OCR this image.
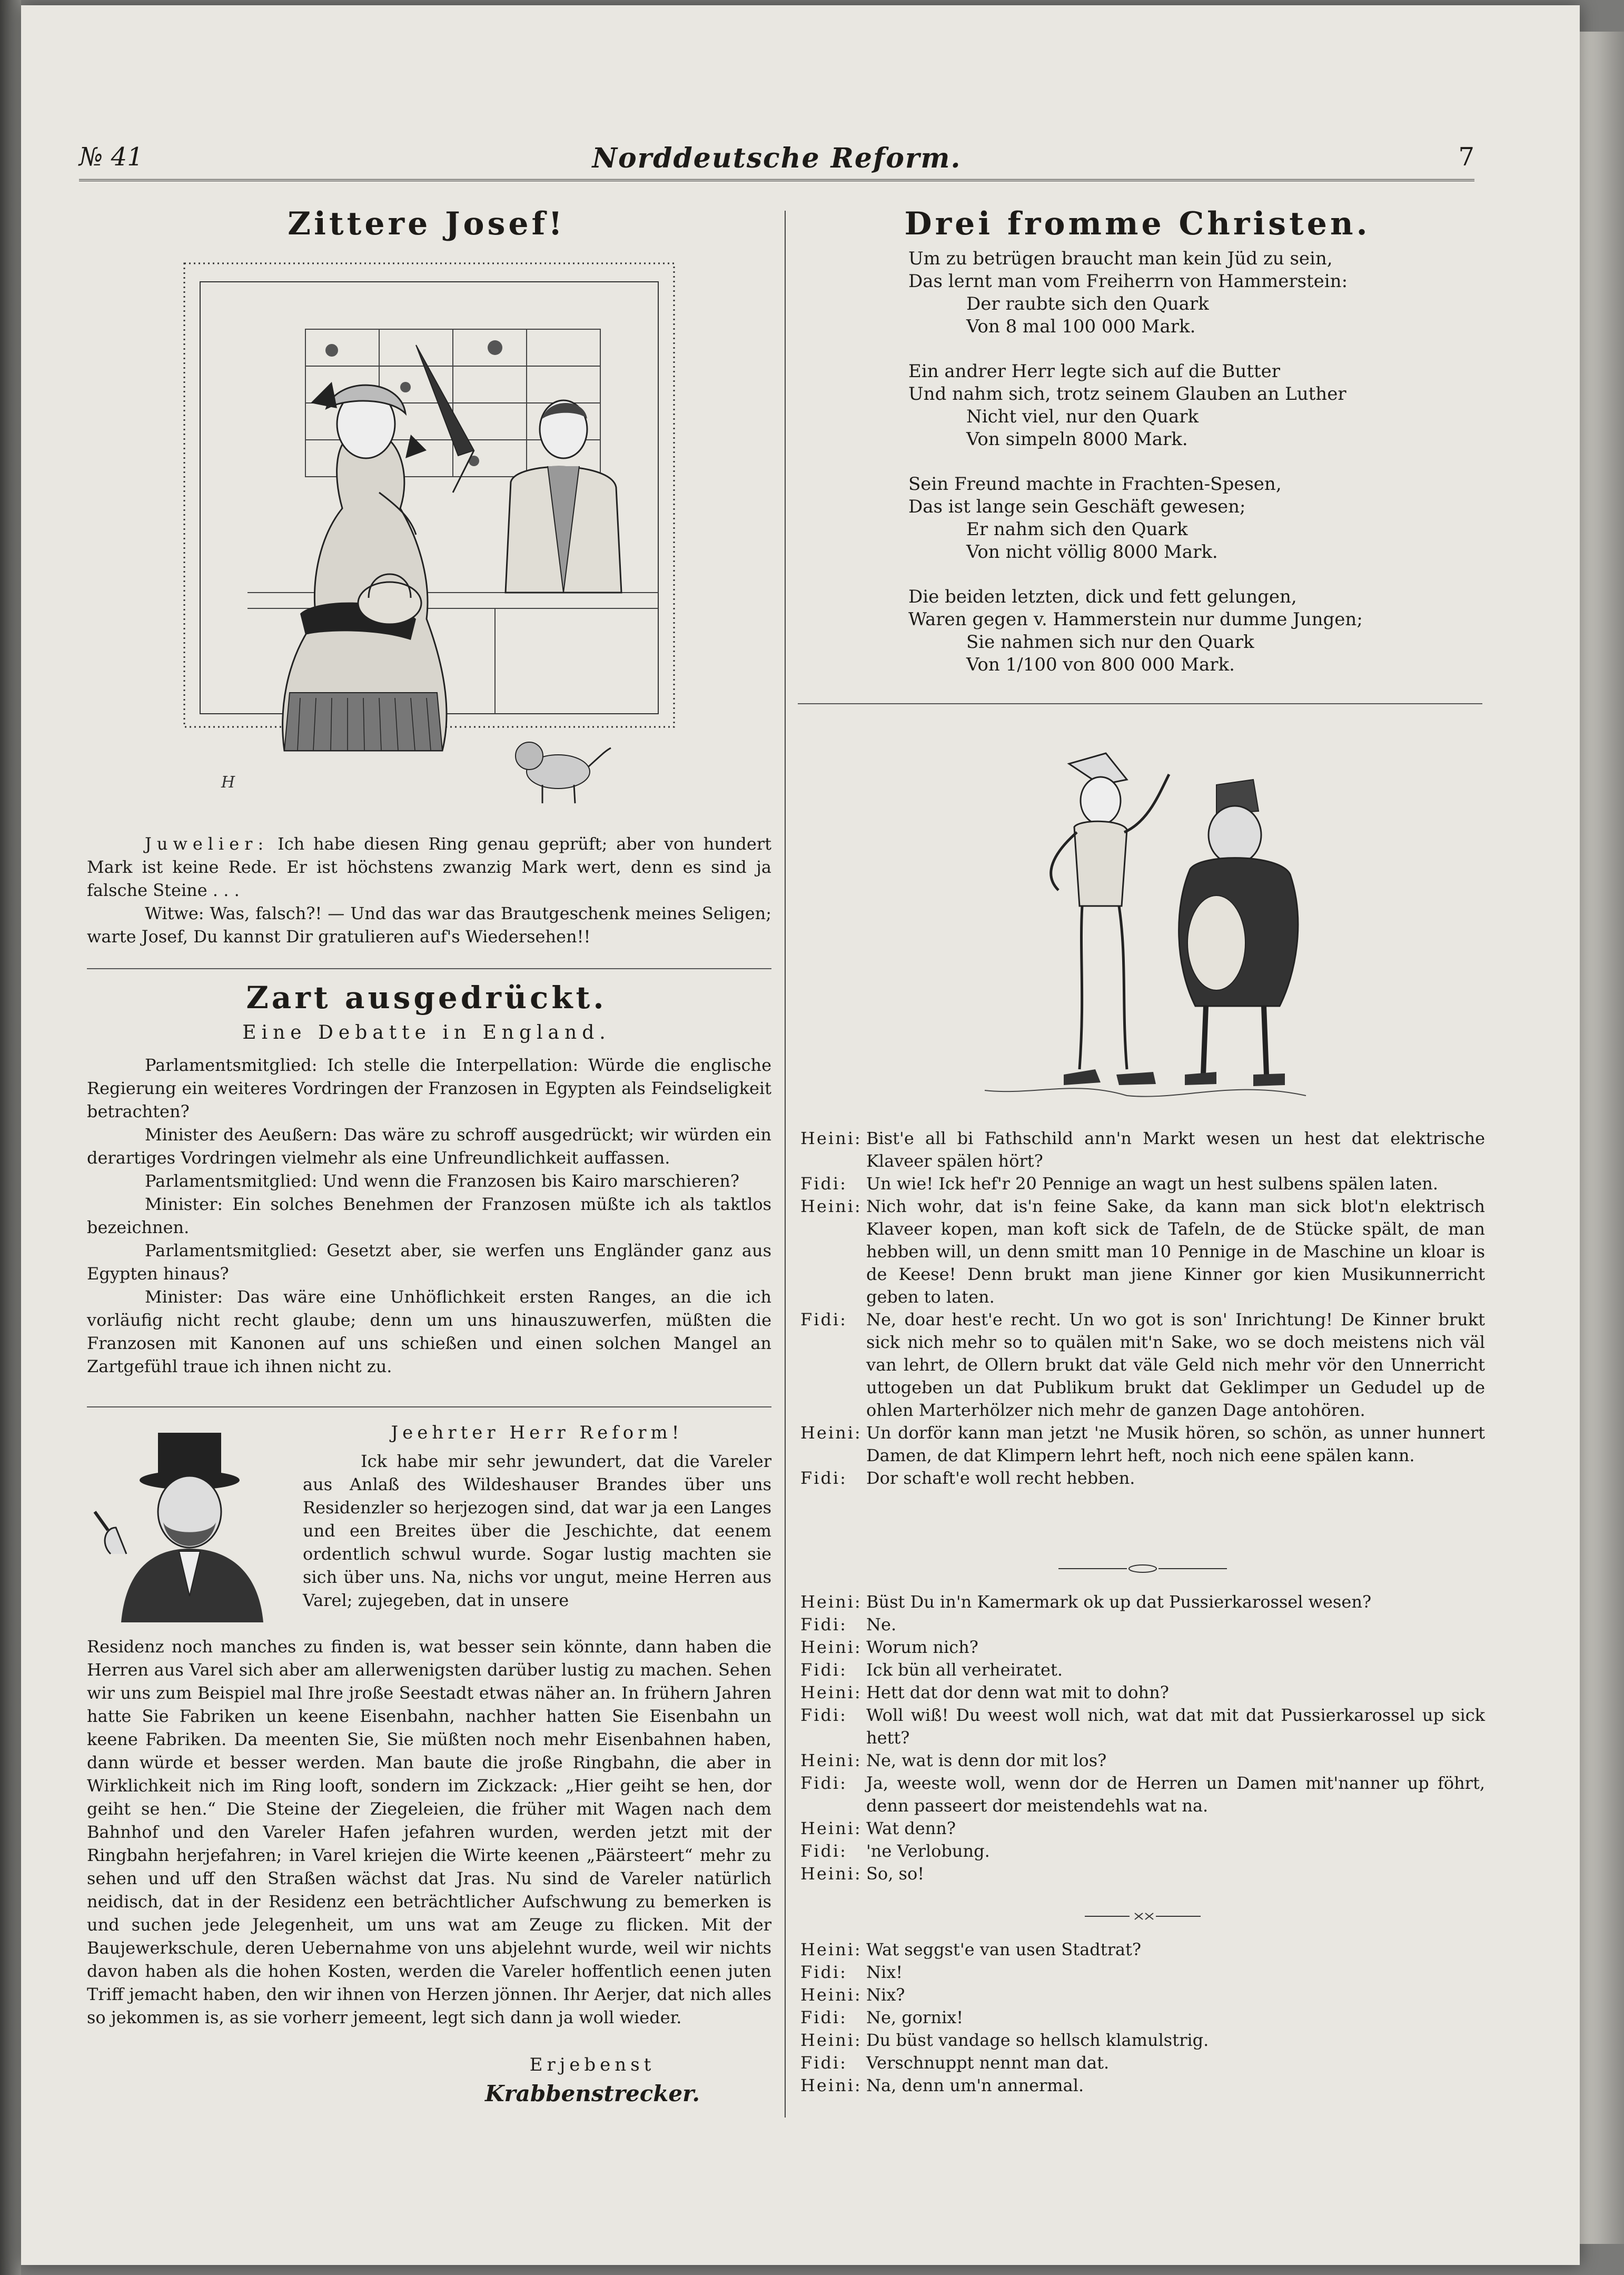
№ 41	Norddeutsche Reform.	7
Zittere Josef!
H

Juwelier: Ich habe diesen Ring genau geprüft; aber von hundert Mark ist keine Rede. Er ist höchstens zwanzig Mark wert, denn es sind ja falsche Steine . . .

Witwe: Was, falsch?! — Und das war das Brautgeschenk meines Seligen; warte Josef, Du kannst Dir gratulieren auf's Wiedersehen!!

Zart ausgedrückt.
Eine Debatte in England.

Parlamentsmitglied: Ich stelle die Interpellation: Würde die englische Regierung ein weiteres Vordringen der Franzosen in Egypten als Feindseligkeit betrachten?

Minister des Aeußern: Das wäre zu schroff ausgedrückt; wir würden ein derartiges Vordringen vielmehr als eine Unfreundlichkeit auffassen.

Parlamentsmitglied: Und wenn die Franzosen bis Kairo marschieren?

Minister: Ein solches Benehmen der Franzosen müßte ich als taktlos bezeichnen.

Parlamentsmitglied: Gesetzt aber, sie werfen uns Engländer ganz aus Egypten hinaus?

Minister: Das wäre eine Unhöflichkeit ersten Ranges, an die ich vorläufig nicht recht glaube; denn um uns hinauszuwerfen, müßten die Franzosen mit Kanonen auf uns schießen und einen solchen Mangel an Zartgefühl traue ich ihnen nicht zu.

Jeehrter Herr Reform!

Ick habe mir sehr jewundert, dat die Vareler aus Anlaß des Wildeshauser Brandes über uns Residenzler so herjezogen sind, dat war ja een Langes und een Breites über die Jeschichte, dat eenem ordentlich schwul wurde. Sogar lustig machten sie sich über uns. Na, nichs vor ungut, meine Herren aus Varel; zujegeben, dat in unsere

Residenz noch manches zu finden is, wat besser sein könnte, dann haben die Herren aus Varel sich aber am allerwenigsten darüber lustig zu machen. Sehen wir uns zum Beispiel mal Ihre jroße Seestadt etwas näher an. In frühern Jahren hatte Sie Fabriken un keene Eisenbahn, nachher hatten Sie Eisenbahn un keene Fabriken. Da meenten Sie, Sie müßten noch mehr Eisenbahnen haben, dann würde et besser werden. Man baute die jroße Ringbahn, die aber in Wirklichkeit nich im Ring looft, sondern im Zickzack: „Hier geiht se hen, dor geiht se hen.“ Die Steine der Ziegeleien, die früher mit Wagen nach dem Bahnhof und den Vareler Hafen jefahren wurden, werden jetzt mit der Ringbahn herjefahren; in Varel kriejen die Wirte keenen „Päärsteert“ mehr zu sehen und uff den Straßen wächst dat Jras. Nu sind de Vareler natürlich neidisch, dat in der Residenz een beträchtlicher Aufschwung zu bemerken is und suchen jede Jelegenheit, um uns wat am Zeuge zu flicken. Mit der Baujewerkschule, deren Uebernahme von uns abjelehnt wurde, weil wir nichts davon haben als die hohen Kosten, werden die Vareler hoffentlich eenen juten Triff jemacht haben, den wir ihnen von Herzen jönnen. Ihr Aerjer, dat nich alles so jekommen is, as sie vorherr jemeent, legt sich dann ja woll wieder.

Erjebenst
Krabbenstrecker.
Drei fromme Christen.
Um zu betrügen braucht man kein Jüd zu sein,
Das lernt man vom Freiherrn von Hammerstein:
Der raubte sich den Quark
Von 8 mal 100 000 Mark.
Ein andrer Herr legte sich auf die Butter
Und nahm sich, trotz seinem Glauben an Luther
Nicht viel, nur den Quark
Von simpeln 8000 Mark.
Sein Freund machte in Frachten-Spesen,
Das ist lange sein Geschäft gewesen;
Er nahm sich den Quark
Von nicht völlig 8000 Mark.
Die beiden letzten, dick und fett gelungen,
Waren gegen v. Hammerstein nur dumme Jungen;
Sie nahmen sich nur den Quark
Von 1/100 von 800 000 Mark.
Heini: Bist'e all bi Fathschild ann'n Markt wesen un hest dat elektrische Klaveer spälen hört?
Fidi:	Un wie! Ick hef'r 20 Pennige an wagt un hest sulbens spälen laten.
Heini: Nich wohr, dat is'n feine Sake, da kann man sick blot'n elektrisch Klaveer kopen, man koft sick de Tafeln, de de Stücke spält, de man hebben will, un denn smitt man 10 Pennige in de Maschine un kloar is de Keese! Denn brukt man jiene Kinner gor kien Musikunnerricht geben to laten.
Fidi:	Ne, doar hest'e recht. Un wo got is son' Inrichtung! De Kinner brukt sick nich mehr so to quälen mit'n Sake, wo se doch meistens nich väl van lehrt, de Ollern brukt dat väle Geld nich mehr vör den Unnerricht uttogeben un dat Publikum brukt dat Geklimper un Gedudel up de ohlen Marterhölzer nich mehr de ganzen Dage antohören.
Heini: Un dorför kann man jetzt 'ne Musik hören, so schön, as unner hunnert Damen, de dat Klimpern lehrt heft, noch nich eene spälen kann.
Fidi:	Dor schaft'e woll recht hebben.
Heini: Büst Du in'n Kamermark ok up dat Pussierkarossel wesen?
Fidi:	Ne.
Heini: Worum nich?
Fidi:	Ick bün all verheiratet.
Heini: Hett dat dor denn wat mit to dohn?
Fidi:	Woll wiß! Du weest woll nich, wat dat mit dat Pussierkarossel up sick hett?
Heini: Ne, wat is denn dor mit los?
Fidi:	Ja, weeste woll, wenn dor de Herren un Damen mit'nanner up föhrt, denn passeert dor meistendehls wat na.
Heini: Wat denn?
Fidi:	'ne Verlobung.
Heini: So, so!
Heini: Wat seggst'e van usen Stadtrat?
Fidi:	Nix!
Heini: Nix?
Fidi:	Ne, gornix!
Heini: Du büst vandage so hellsch klamulstrig.
Fidi:	Verschnuppt nennt man dat.
Heini: Na, denn um'n annermal.
